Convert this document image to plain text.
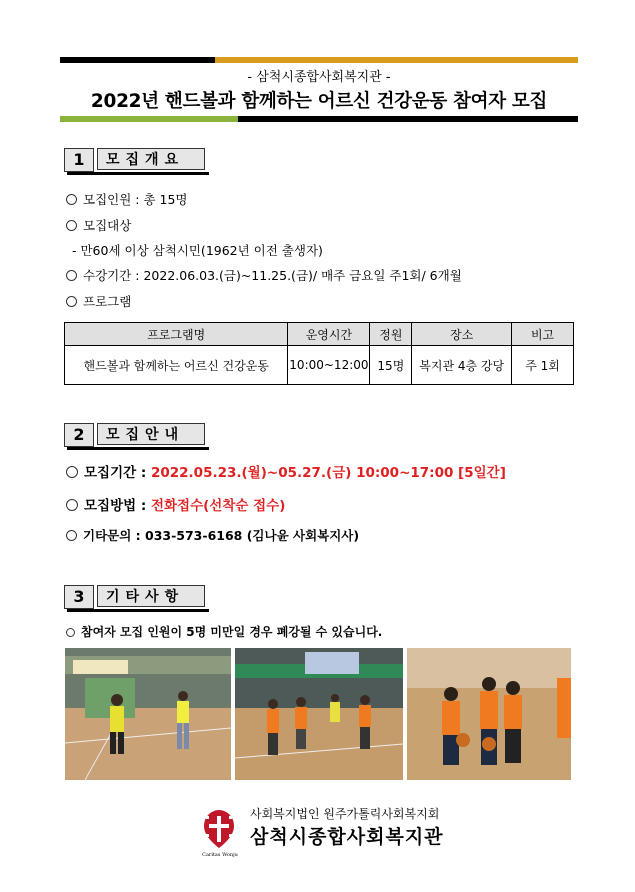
- 삼척시종합사회복지관 -
2022년 핸드볼과 함께하는 어르신 건강운동 참여자 모집
1	모집개요
모집인원 : 총 15명
모집대상
- 만60세 이상 삼척시민(1962년 이전 출생자)
수강기간 : 2022.06.03.(금)~11.25.(금)/ 매주 금요일 주1회/ 6개월
프로그램
프로그램명	운영시간	정원	장소	비고
핸드볼과 함께하는 어르신 건강운동	10:00~12:00	15명	복지관 4층 강당	주 1회
2	모집안내
모집기간 : 2022.05.23.(월)~05.27.(금) 10:00~17:00 [5일간]
모집방법 : 전화접수(선착순 접수)
기타문의 : 033-573-6168 (김나윤 사회복지사)
3	기타사항
참여자 모집 인원이 5명 미만일 경우 폐강될 수 있습니다.
Caritas Wonju
사회복지법인 원주가톨릭사회복지회
삼척시종합사회복지관
